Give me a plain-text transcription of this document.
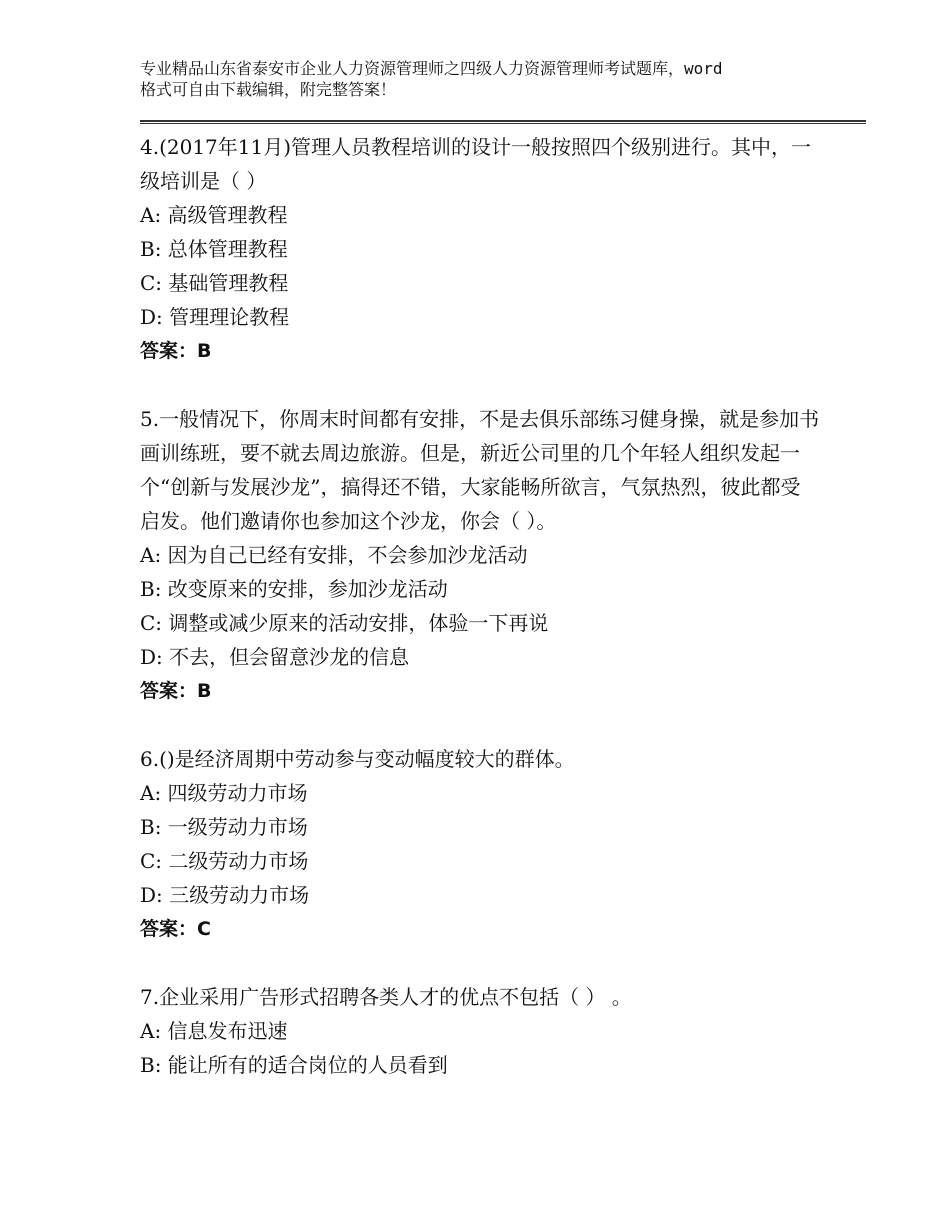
专业精品山东省泰安市企业人力资源管理师之四级人力资源管理师考试题库，word
格式可自由下载编辑，附完整答案！

4.(2017年11月)管理人员教程培训的设计一般按照四个级别进行。其中，一级培训是（ ）

A: 高级管理教程

B: 总体管理教程

C: 基础管理教程

D: 管理理论教程

答案：B

5.一般情况下，你周末时间都有安排，不是去俱乐部练习健身操，就是参加书画训练班，要不就去周边旅游。但是，新近公司里的几个年轻人组织发起一个“创新与发展沙龙”，搞得还不错，大家能畅所欲言，气氛热烈，彼此都受启发。他们邀请你也参加这个沙龙，你会（ ）。

A: 因为自己已经有安排，不会参加沙龙活动

B: 改变原来的安排，参加沙龙活动

C: 调整或减少原来的活动安排，体验一下再说

D: 不去，但会留意沙龙的信息

答案：B

6.()是经济周期中劳动参与变动幅度较大的群体。

A: 四级劳动力市场

B: 一级劳动力市场

C: 二级劳动力市场

D: 三级劳动力市场

答案：C

7.企业采用广告形式招聘各类人才的优点不包括（ ） 。

A: 信息发布迅速

B: 能让所有的适合岗位的人员看到
